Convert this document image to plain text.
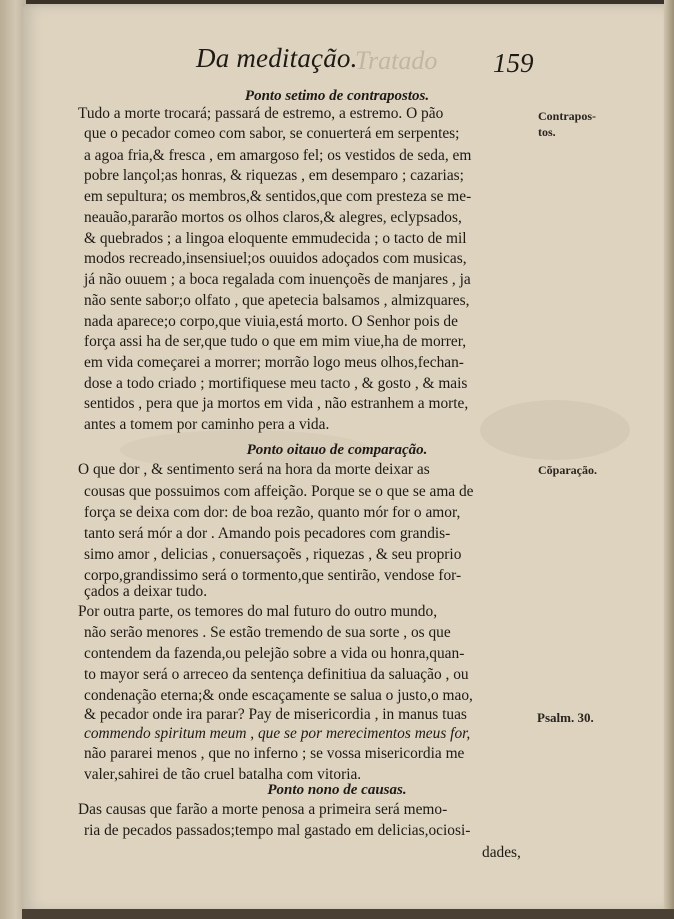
Da meditação.	159
Ponto setimo de contrapostos.
Tudo a morte trocará; passará de estremo, a estremo. O pão
que o pecador comeo com sabor, se conuerterá em serpentes;
a agoa fria,& fresca , em amargoso fel; os vestidos de seda, em
pobre lançol;as honras, & riquezas , em desemparo ; cazarias;
em sepultura; os membros,& sentidos,que com presteza se me-
neauão,pararão mortos os olhos claros,& alegres, eclypsados,
& quebrados ; a lingoa eloquente emmudecida ; o tacto de mil
modos recreado,insensiuel;os ouuidos adoçados com musicas,
já não ouuem ; a boca regalada com inuençoẽs de manjares , ja
não sente sabor;o olfato , que apetecia balsamos , almizquares,
nada aparece;o corpo,que viuia,está morto. O Senhor pois de
força assi ha de ser,que tudo o que em mim viue,ha de morrer,
em vida começarei a morrer; morrão logo meus olhos,fechan-
dose a todo criado ; mortifiquese meu tacto , & gosto , & mais
sentidos , pera que ja mortos em vida , não estranhem a morte,
antes a tomem por caminho pera a vida.
Contrapos-
tos.
Ponto oitauo de comparação.
O que dor , & sentimento será na hora da morte deixar as
cousas que possuimos com affeição. Porque se o que se ama de
força se deixa com dor: de boa rezão, quanto mór for o amor,
tanto será mór a dor . Amando pois pecadores com grandis-
simo amor , delicias , conuersaçoẽs , riquezas , & seu proprio
corpo,grandissimo será o tormento,que sentirão, vendose for-
çados a deixar tudo.
Por outra parte, os temores do mal futuro do outro mundo,
não serão menores . Se estão tremendo de sua sorte , os que
contendem da fazenda,ou pelejão sobre a vida ou honra,quan-
to mayor será o arreceo da sentença definitiua da saluação , ou
condenação eterna;& onde escaçamente se salua o justo,o mao,
& pecador onde ira parar? Pay de misericordia , in manus tuas
commendo spiritum meum , que se por merecimentos meus for,
não pararei menos , que no inferno ; se vossa misericordia me
valer,sahirei de tão cruel batalha com vitoria.
Cõparação.
Psalm. 30.
Ponto nono de causas.
Das causas que farão a morte penosa a primeira será memo-
ria de pecados passados;tempo mal gastado em delicias,ociosi-
dades,
